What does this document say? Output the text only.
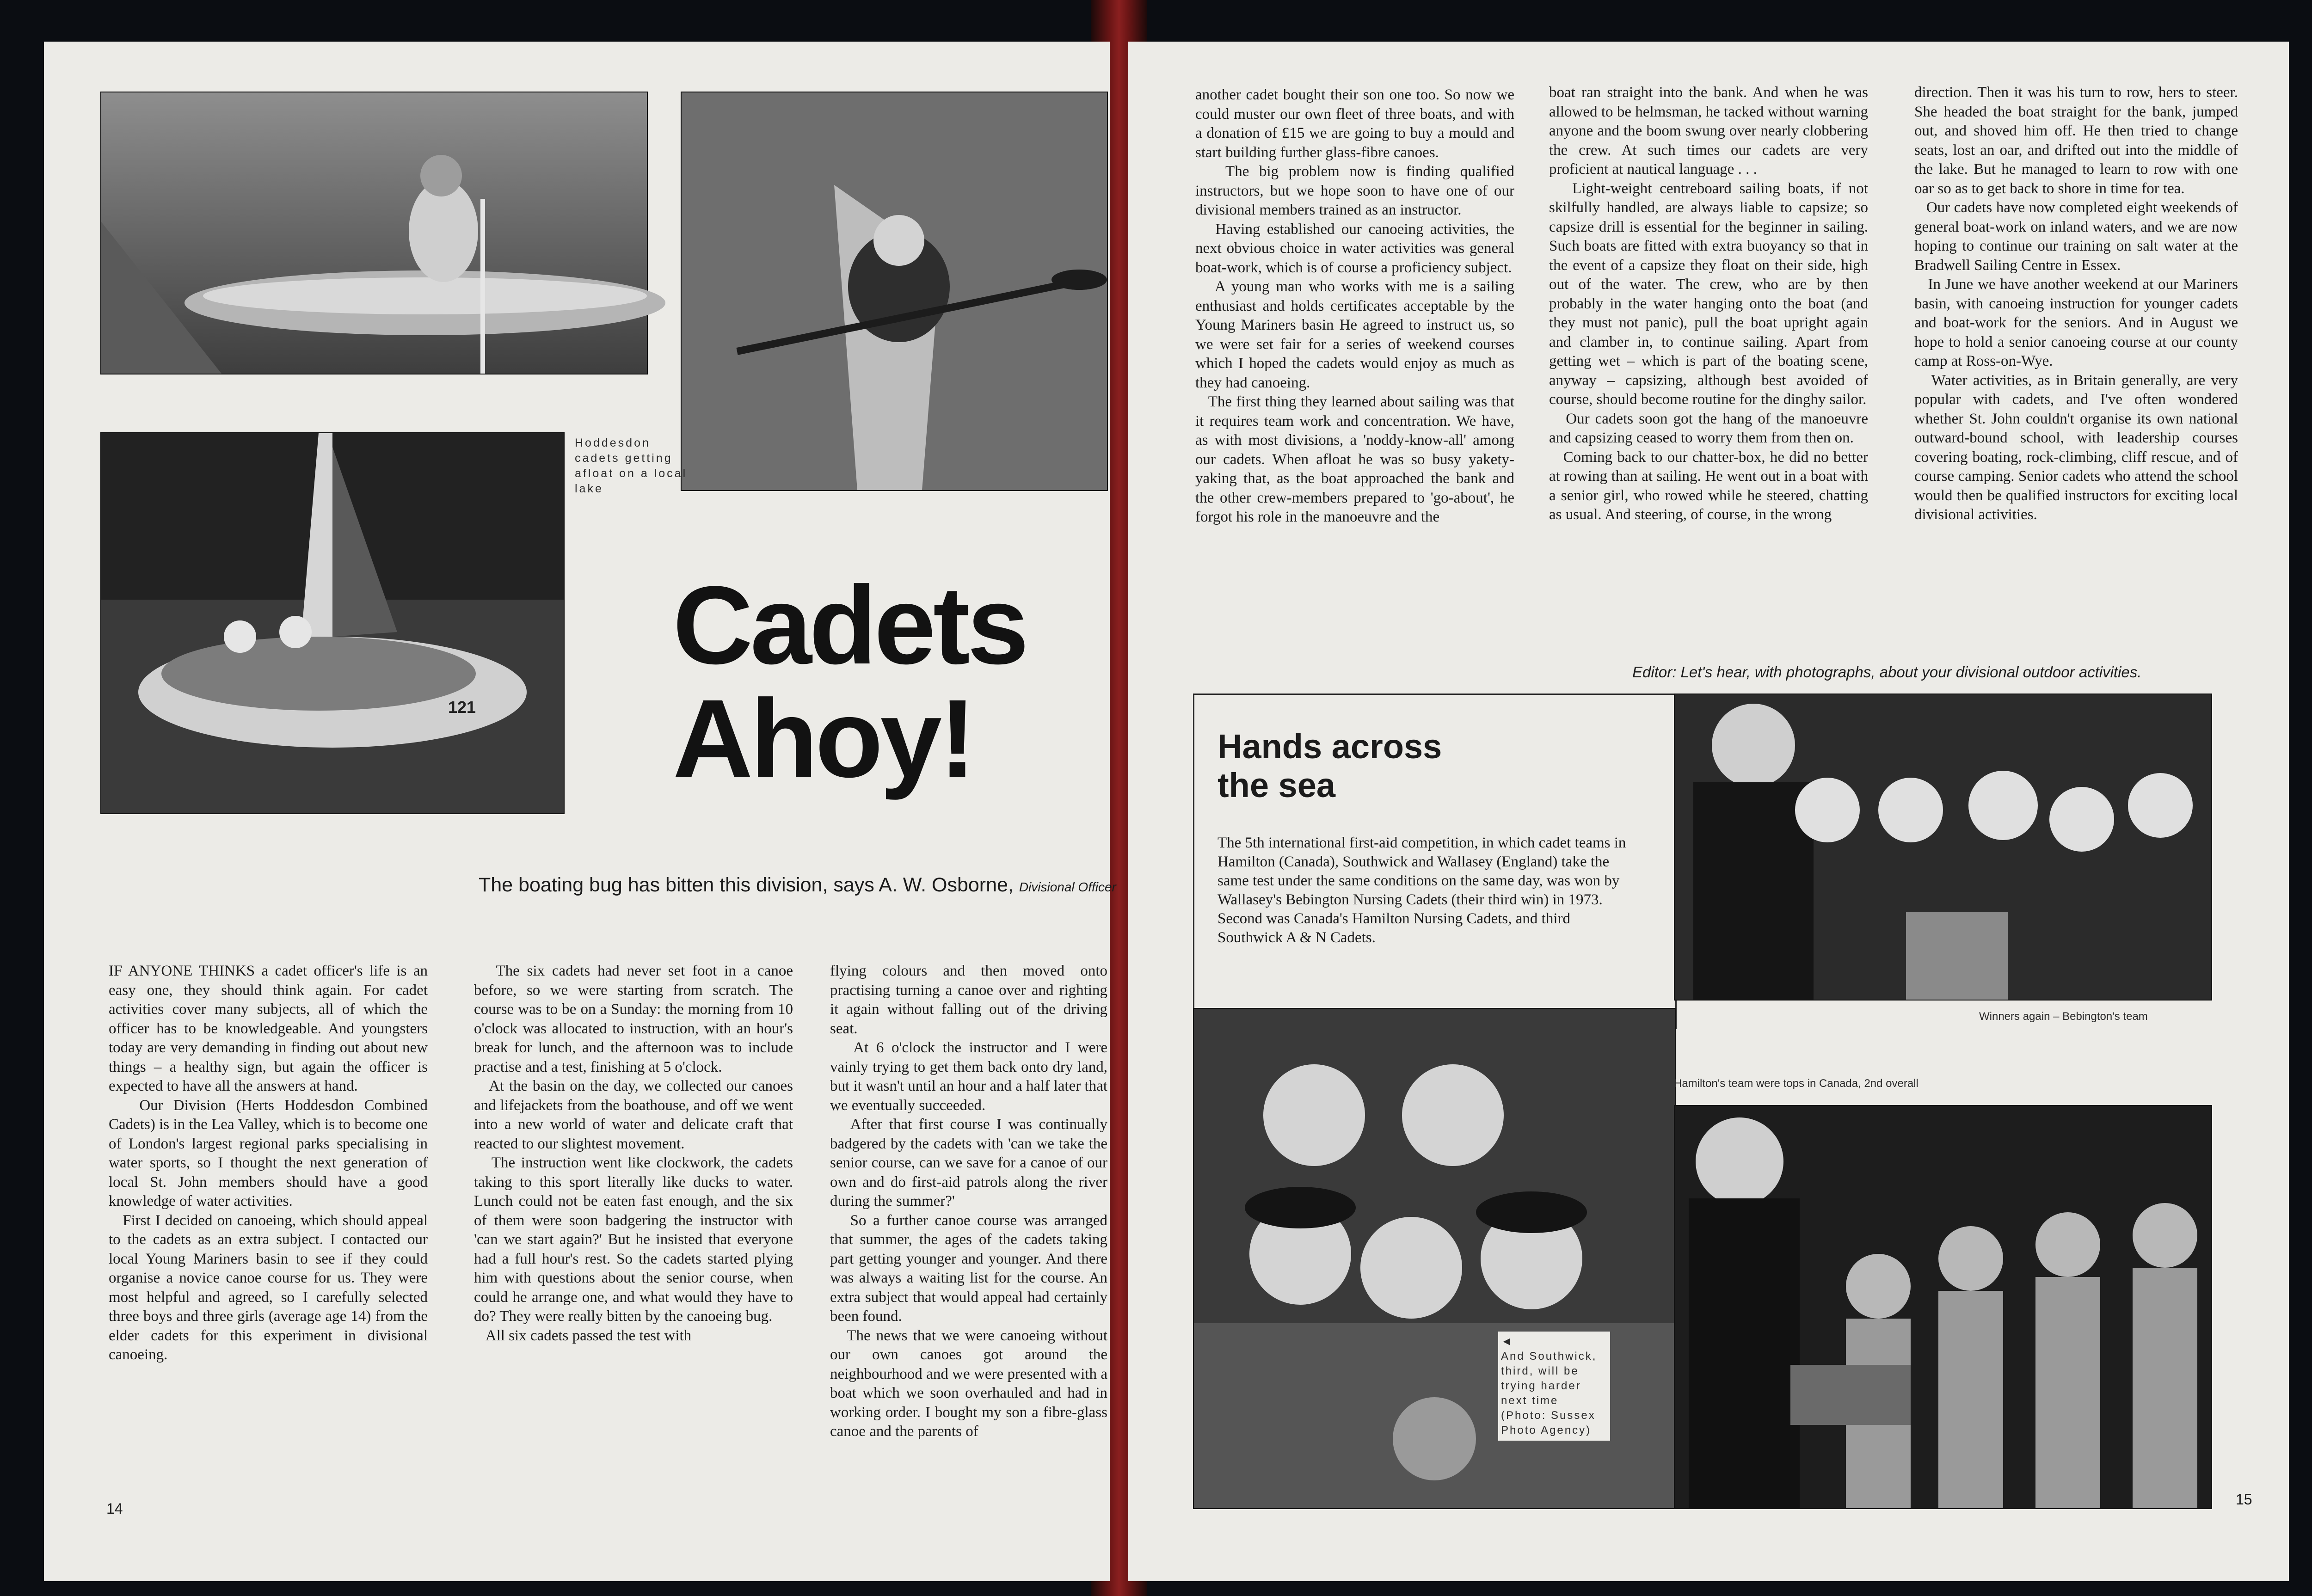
121
Hoddesdon
cadets getting
afloat on a local
lake
Cadets
Ahoy!
The boating bug has bitten this division, says A. W. Osborne, Divisional Officer
IF ANYONE THINKS a cadet officer's life is an easy one, they should think again. For cadet activities cover many subjects, all of which the officer has to be knowledgeable. And youngsters today are very demanding in finding out about new things – a healthy sign, but again the officer is expected to have all the answers at hand.
Our Division (Herts Hoddesdon Combined Cadets) is in the Lea Valley, which is to become one of London's largest regional parks specialising in water sports, so I thought the next generation of local St. John members should have a good knowledge of water activities.
First I decided on canoeing, which should appeal to the cadets as an extra subject. I contacted our local Young Mariners basin to see if they could organise a novice canoe course for us. They were most helpful and agreed, so I carefully selected three boys and three girls (average age 14) from the elder cadets for this experiment in divisional canoeing.
The six cadets had never set foot in a canoe before, so we were starting from scratch. The course was to be on a Sunday: the morning from 10 o'clock was allocated to instruction, with an hour's break for lunch, and the afternoon was to include practise and a test, finishing at 5 o'clock.
At the basin on the day, we collected our canoes and lifejackets from the boathouse, and off we went into a new world of water and delicate craft that reacted to our slightest movement.
The instruction went like clockwork, the cadets taking to this sport literally like ducks to water. Lunch could not be eaten fast enough, and the six of them were soon badgering the instructor with 'can we start again?' But he insisted that everyone had a full hour's rest. So the cadets started plying him with questions about the senior course, when could he arrange one, and what would they have to do? They were really bitten by the canoeing bug.
All six cadets passed the test with
flying colours and then moved onto practising turning a canoe over and righting it again without falling out of the driving seat.
At 6 o'clock the instructor and I were vainly trying to get them back onto dry land, but it wasn't until an hour and a half later that we eventually succeeded.
After that first course I was continually badgered by the cadets with 'can we take the senior course, can we save for a canoe of our own and do first-aid patrols along the river during the summer?'
So a further canoe course was arranged that summer, the ages of the cadets taking part getting younger and younger. And there was always a waiting list for the course. An extra subject that would appeal had certainly been found.
The news that we were canoeing without our own canoes got around the neighbourhood and we were presented with a boat which we soon overhauled and had in working order. I bought my son a fibre-glass canoe and the parents of
14
another cadet bought their son one too. So now we could muster our own fleet of three boats, and with a donation of £15 we are going to buy a mould and start building further glass-fibre canoes.
The big problem now is finding qualified instructors, but we hope soon to have one of our divisional members trained as an instructor.
Having established our canoeing activities, the next obvious choice in water activities was general boat-work, which is of course a proficiency subject.
A young man who works with me is a sailing enthusiast and holds certificates acceptable by the Young Mariners basin He agreed to instruct us, so we were set fair for a series of weekend courses which I hoped the cadets would enjoy as much as they had canoeing.
The first thing they learned about sailing was that it requires team work and concentration. We have, as with most divisions, a 'noddy-know-all' among our cadets. When afloat he was so busy yakety-yaking that, as the boat approached the bank and the other crew-members prepared to 'go-about', he forgot his role in the manoeuvre and the
boat ran straight into the bank. And when he was allowed to be helmsman, he tacked without warning anyone and the boom swung over nearly clobbering the crew. At such times our cadets are very proficient at nautical language . . .
Light-weight centreboard sailing boats, if not skilfully handled, are always liable to capsize; so capsize drill is essential for the beginner in sailing. Such boats are fitted with extra buoyancy so that in the event of a capsize they float on their side, high out of the water. The crew, who are by then probably in the water hanging onto the boat (and they must not panic), pull the boat upright again and clamber in, to continue sailing. Apart from getting wet – which is part of the boating scene, anyway – capsizing, although best avoided of course, should become routine for the dinghy sailor.
Our cadets soon got the hang of the manoeuvre and capsizing ceased to worry them from then on.
Coming back to our chatter-box, he did no better at rowing than at sailing. He went out in a boat with a senior girl, who rowed while he steered, chatting as usual. And steering, of course, in the wrong
direction. Then it was his turn to row, hers to steer. She headed the boat straight for the bank, jumped out, and shoved him off. He then tried to change seats, lost an oar, and drifted out into the middle of the lake. But he managed to learn to row with one oar so as to get back to shore in time for tea.
Our cadets have now completed eight weekends of general boat-work on inland waters, and we are now hoping to continue our training on salt water at the Bradwell Sailing Centre in Essex.
In June we have another weekend at our Mariners basin, with canoeing instruction for younger cadets and boat-work for the seniors. And in August we hope to hold a senior canoeing course at our county camp at Ross-on-Wye.
Water activities, as in Britain generally, are very popular with cadets, and I've often wondered whether St. John couldn't organise its own national outward-bound school, with leadership courses covering boating, rock-climbing, cliff rescue, and of course camping. Senior cadets who attend the school would then be qualified instructors for exciting local divisional activities.
Editor: Let's hear, with photographs, about your divisional outdoor activities.
Hands across
the sea
The 5th international first-aid competition, in which cadet teams in Hamilton (Canada), Southwick and Wallasey (England) take the same test under the same conditions on the same day, was won by Wallasey's Bebington Nursing Cadets (their third win) in 1973. Second was Canada's Hamilton Nursing Cadets, and third Southwick A & N Cadets.
Winners again – Bebington's team
◄
And Southwick,
third, will be
trying harder
next time
(Photo: Sussex
Photo Agency)
Hamilton's team were tops in Canada, 2nd overall
15
